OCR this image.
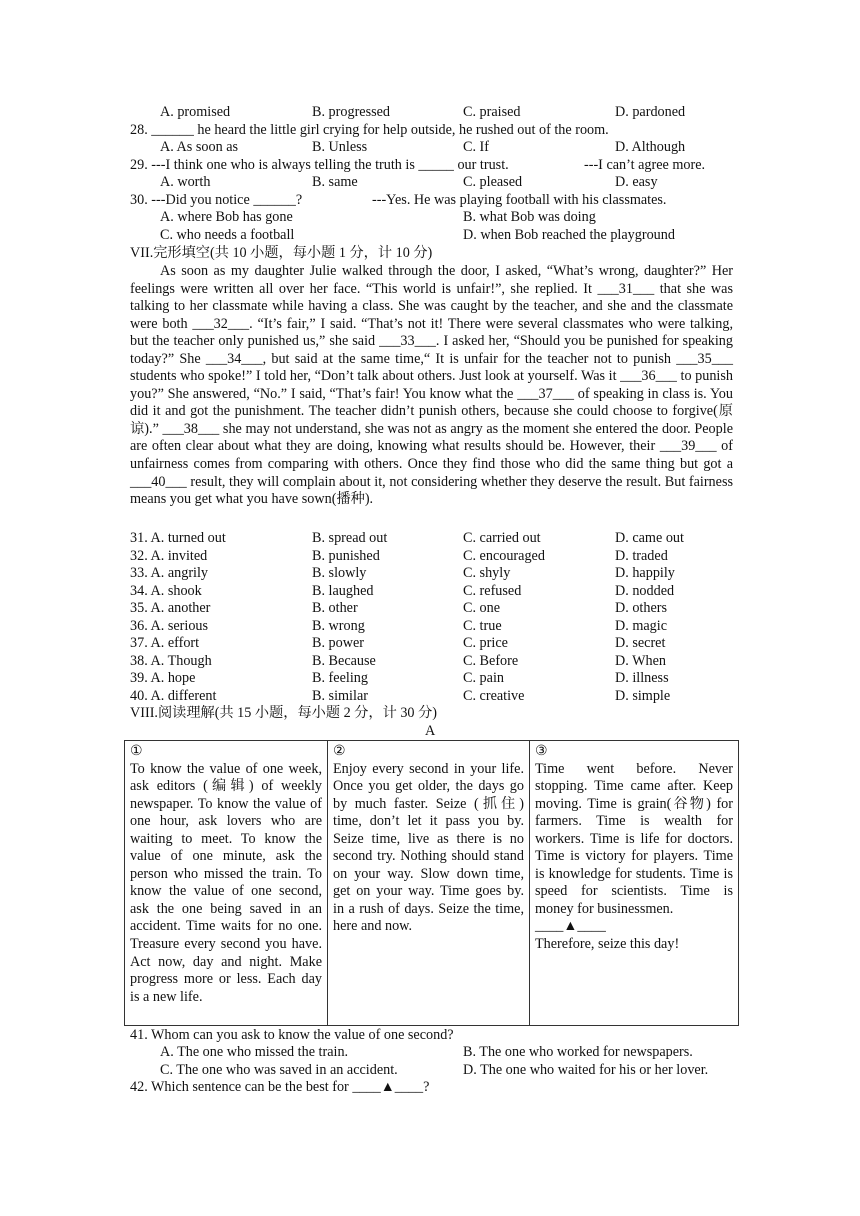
A. promised	B. progressed	C. praised	D. pardoned
28. ______ he heard the little girl crying for help outside, he rushed out of the room.
A. As soon as	B. Unless	C. If	D. Although
29. ---I think one who is always telling the truth is _____ our trust.	---I can’t agree more.
A. worth	B. same	C. pleased	D. easy
30. ---Did you notice ______?	---Yes. He was playing football with his classmates.
A. where Bob has gone	B. what Bob was doing
C. who needs a football	D. when Bob reached the playground
VII.完形填空(共 10 小题，每小题 1 分，计 10 分)

As soon as my daughter Julie walked through the door, I asked, “What’s wrong, daughter?” Her feelings were written all over her face. “This world is unfair!”, she replied. It ___31___ that she was talking to her classmate while having a class. She was caught by the teacher, and she and the classmate were both ___32___. “It’s fair,” I said. “That’s not it! There were several classmates who were talking, but the teacher only punished us,” she said ___33___. I asked her, “Should you be punished for speaking today?” She ___34___, but said at the same time,“ It is unfair for the teacher not to punish ___35___ students who spoke!” I told her, “Don’t talk about others. Just look at yourself. Was it ___36___ to punish you?” She answered, “No.” I said, “That’s fair! You know what the ___37___ of speaking in class is. You did it and got the punishment. The teacher didn’t punish others, because she could choose to forgive(原谅).” ___38___ she may not understand, she was not as angry as the moment she entered the door. People are often clear about what they are doing, knowing what results should be. However, their ___39___ of unfairness comes from comparing with others. Once they find those who did the same thing but got a ___40___ result, they will complain about it, not considering whether they deserve the result. But fairness means you get what you have sown(播种).

31. A. turned out	B. spread out	C. carried out	D. came out
32. A. invited	B. punished	C. encouraged	D. traded
33. A. angrily	B. slowly	C. shyly	D. happily
34. A. shook	B. laughed	C. refused	D. nodded
35. A. another	B. other	C. one	D. others
36. A. serious	B. wrong	C. true	D. magic
37. A. effort	B. power	C. price	D. secret
38. A. Though	B. Because	C. Before	D. When
39. A. hope	B. feeling	C. pain	D. illness
40. A. different	B. similar	C. creative	D. simple
VIII.阅读理解(共 15 小题，每小题 2 分，计 30 分)
A
①
To know the value of one week, ask editors (编辑) of weekly newspaper. To know the value of one hour, ask lovers who are waiting to meet. To know the value of one minute, ask the person who missed the train. To know the value of one second, ask the one being saved in an accident. Time waits for no one. Treasure every second you have. Act now, day and night. Make progress more or less. Each day is a new life.	
②
Enjoy every second in your life. Once you get older, the days go by much faster. Seize (抓住) time, don’t let it pass you by. Seize time, live as there is no second try. Nothing should stand on your way. Slow down time, get on your way. Time goes by. in a rush of days. Seize the time, here and now.	
③
Time went before. Never stopping. Time came after. Keep moving. Time is grain(谷物) for farmers. Time is wealth for workers. Time is life for doctors. Time is victory for players. Time is knowledge for students. Time is speed for scientists. Time is money for businessmen.
____▲____
Therefore, seize this day!
41. Whom can you ask to know the value of one second?
A. The one who missed the train.	B. The one who worked for newspapers.
C. The one who was saved in an accident.	D. The one who waited for his or her lover.
42. Which sentence can be the best for ____▲____?
